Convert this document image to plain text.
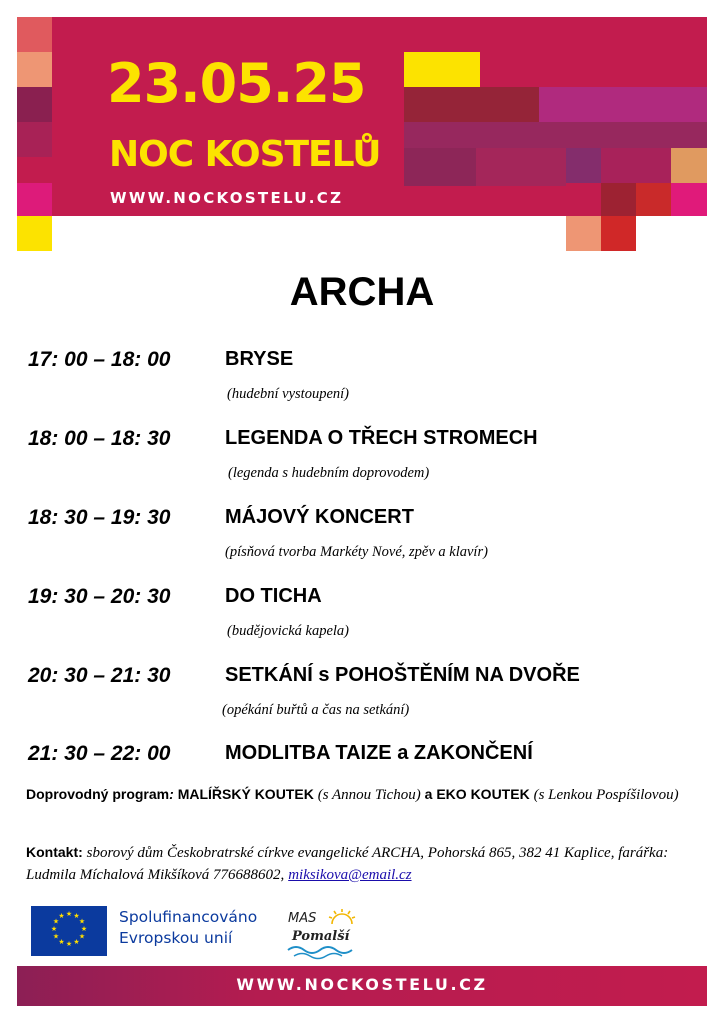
23.05.25
NOC KOSTELŮ
WWW.NOCKOSTELU.CZ
ARCHA
17: 00 – 18: 00	BRYSE
(hudební vystoupení)
18: 00 – 18: 30	LEGENDA O TŘECH STROMECH
(legenda s hudebním doprovodem)
18: 30 – 19: 30	MÁJOVÝ KONCERT
(písňová tvorba Markéty Nové, zpěv a klavír)
19: 30 – 20: 30	DO TICHA
(budějovická kapela)
20: 30 – 21: 30	SETKÁNÍ s POHOŠTĚNÍM NA DVOŘE
(opékání buřtů a čas na setkání)
21: 30 – 22: 00	MODLITBA TAIZE a ZAKONČENÍ
Doprovodný program: MALÍŘSKÝ KOUTEK (s Annou Tichou) a EKO KOUTEK (s Lenkou Pospíšilovou)
Kontakt: sborový dům Českobratrské církve evangelické ARCHA, Pohorská 865, 382 41 Kaplice, farářka: Ludmila Míchalová Mikšíková 776688602, miksikova@email.cz
★ ★
★
★
★
★
★
★
★
★
★
★	Spolufinancováno
Evropskou unií
MAS
Pomalší
WWW.NOCKOSTELU.CZ
